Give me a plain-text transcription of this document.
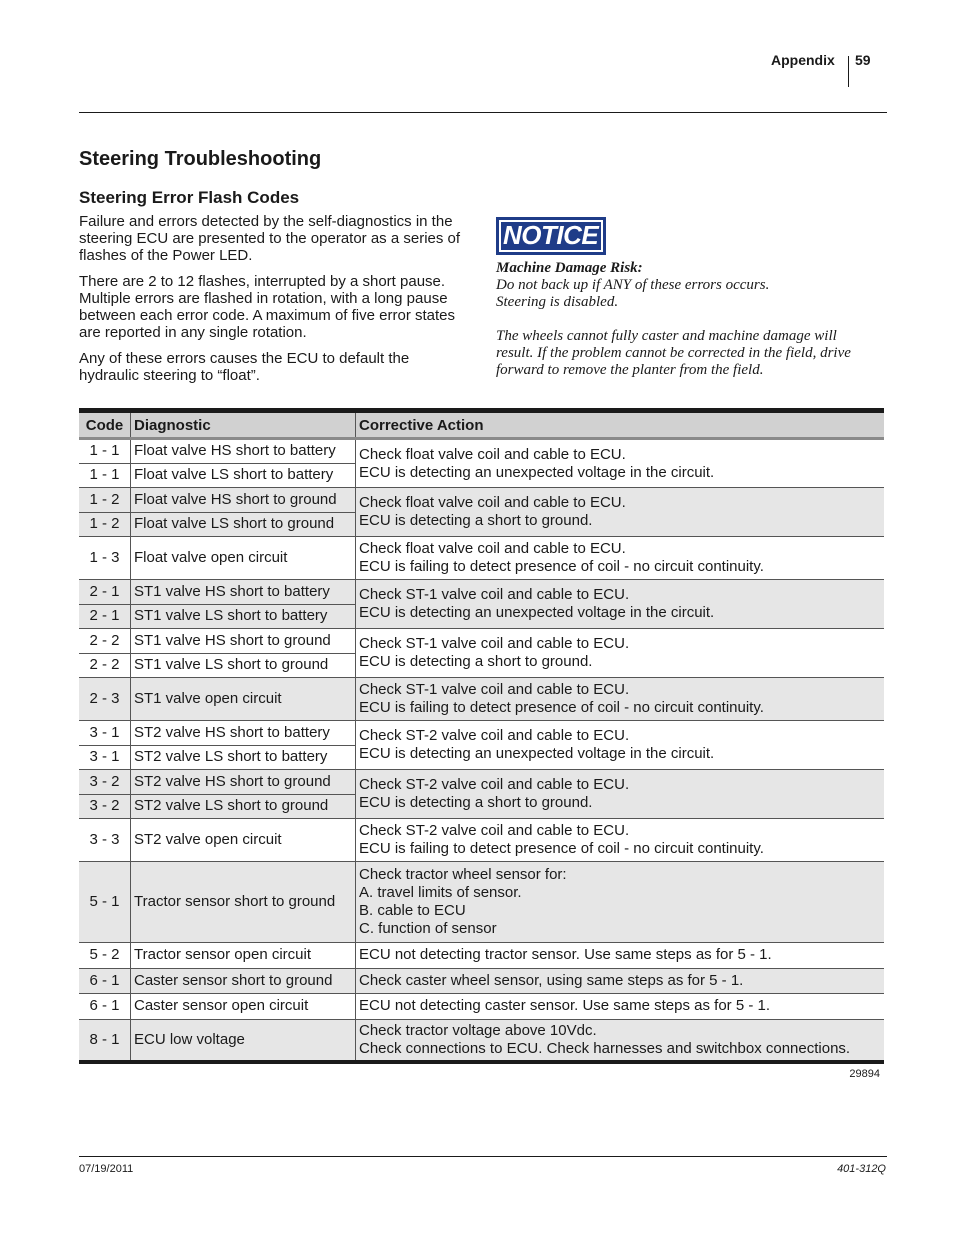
Appendix 59
Steering Troubleshooting
Steering Error Flash Codes

Failure and errors detected by the self-diagnostics in the steering ECU are presented to the operator as a series of flashes of the Power LED.

There are 2 to 12 flashes, interrupted by a short pause. Multiple errors are flashed in rotation, with a long pause between each error code. A maximum of five error states are reported in any single rotation.

Any of these errors causes the ECU to default the hydraulic steering to “float”.

NOTICE

Machine Damage Risk:

Do not back up if ANY of these errors occurs.

Steering is disabled.

The wheels cannot fully caster and machine damage will result. If the problem cannot be corrected in the field, drive forward to remove the planter from the field.

Code	Diagnostic	Corrective Action
1 - 1	Float valve HS short to battery	Check float valve coil and cable to ECU.
ECU is detecting an unexpected voltage in the circuit.
1 - 1	Float valve LS short to battery	
1 - 2	Float valve HS short to ground	Check float valve coil and cable to ECU.
ECU is detecting a short to ground.
1 - 2	Float valve LS short to ground	
1 - 3	Float valve open circuit	Check float valve coil and cable to ECU.
ECU is failing to detect presence of coil - no circuit continuity.
2 - 1	ST1 valve HS short to battery	Check ST-1 valve coil and cable to ECU.
ECU is detecting an unexpected voltage in the circuit.
2 - 1	ST1 valve LS short to battery	
2 - 2	ST1 valve HS short to ground	Check ST-1 valve coil and cable to ECU.
ECU is detecting a short to ground.
2 - 2	ST1 valve LS short to ground	
2 - 3	ST1 valve open circuit	Check ST-1 valve coil and cable to ECU.
ECU is failing to detect presence of coil - no circuit continuity.
3 - 1	ST2 valve HS short to battery	Check ST-2 valve coil and cable to ECU.
ECU is detecting an unexpected voltage in the circuit.
3 - 1	ST2 valve LS short to battery	
3 - 2	ST2 valve HS short to ground	Check ST-2 valve coil and cable to ECU.
ECU is detecting a short to ground.
3 - 2	ST2 valve LS short to ground	
3 - 3	ST2 valve open circuit	Check ST-2 valve coil and cable to ECU.
ECU is failing to detect presence of coil - no circuit continuity.
5 - 1	Tractor sensor short to ground	Check tractor wheel sensor for:
A. travel limits of sensor.
B. cable to ECU
C. function of sensor
5 - 2	Tractor sensor open circuit	ECU not detecting tractor sensor. Use same steps as for 5 - 1.
6 - 1	Caster sensor short to ground	Check caster wheel sensor, using same steps as for 5 - 1.
6 - 1	Caster sensor open circuit	ECU not detecting caster sensor. Use same steps as for 5 - 1.
8 - 1	ECU low voltage	Check tractor voltage above 10Vdc.
Check connections to ECU. Check harnesses and switchbox connections.
29894
07/19/2011	401-312Q
